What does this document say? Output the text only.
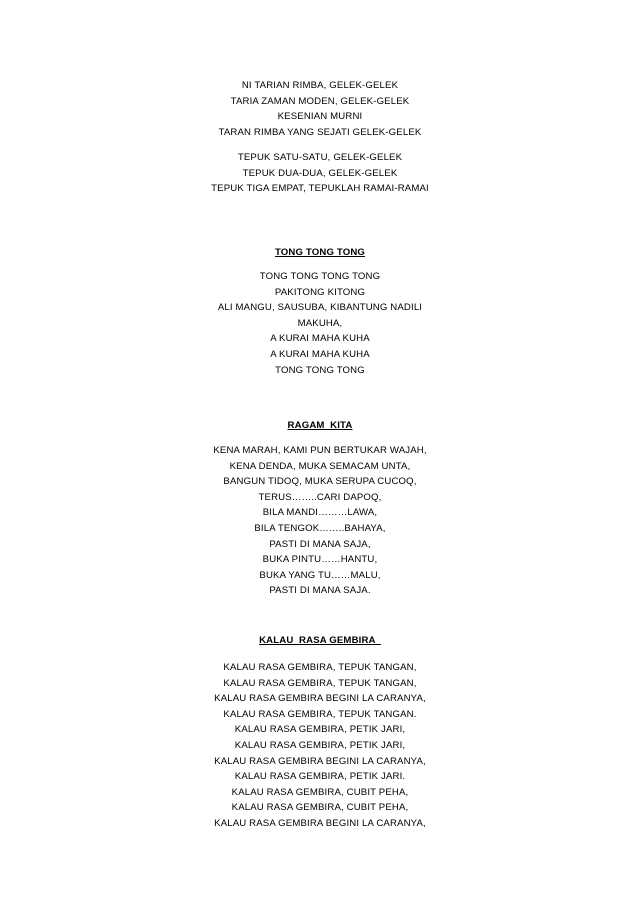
NI TARIAN RIMBA, GELEK-GELEK
TARIA ZAMAN MODEN, GELEK-GELEK
KESENIAN MURNI
TARAN RIMBA YANG SEJATI GELEK-GELEK
TEPUK SATU-SATU, GELEK-GELEK
TEPUK DUA-DUA, GELEK-GELEK
TEPUK TIGA EMPAT, TEPUKLAH RAMAI-RAMAI
TONG TONG TONG
TONG TONG TONG TONG
PAKITONG KITONG
ALI MANGU, SAUSUBA, KIBANTUNG NADILI
MAKUHA,
A KURAI MAHA KUHA
A KURAI MAHA KUHA
TONG TONG TONG
RAGAM  KITA
KENA MARAH, KAMI PUN BERTUKAR WAJAH,
KENA DENDA, MUKA SEMACAM UNTA,
BANGUN TIDOQ, MUKA SERUPA CUCOQ,
TERUS……..CARI DAPOQ,
BILA MANDI………LAWA,
BILA TENGOK……..BAHAYA,
PASTI DI MANA SAJA,
BUKA PINTU……HANTU,
BUKA YANG TU……MALU,
PASTI DI MANA SAJA.
KALAU  RASA GEMBIRA
KALAU RASA GEMBIRA, TEPUK TANGAN,
KALAU RASA GEMBIRA, TEPUK TANGAN,
KALAU RASA GEMBIRA BEGINI LA CARANYA,
KALAU RASA GEMBIRA, TEPUK TANGAN.
KALAU RASA GEMBIRA, PETIK JARI,
KALAU RASA GEMBIRA, PETIK JARI,
KALAU RASA GEMBIRA BEGINI LA CARANYA,
KALAU RASA GEMBIRA, PETIK JARI.
KALAU RASA GEMBIRA, CUBIT PEHA,
KALAU RASA GEMBIRA, CUBIT PEHA,
KALAU RASA GEMBIRA BEGINI LA CARANYA,
